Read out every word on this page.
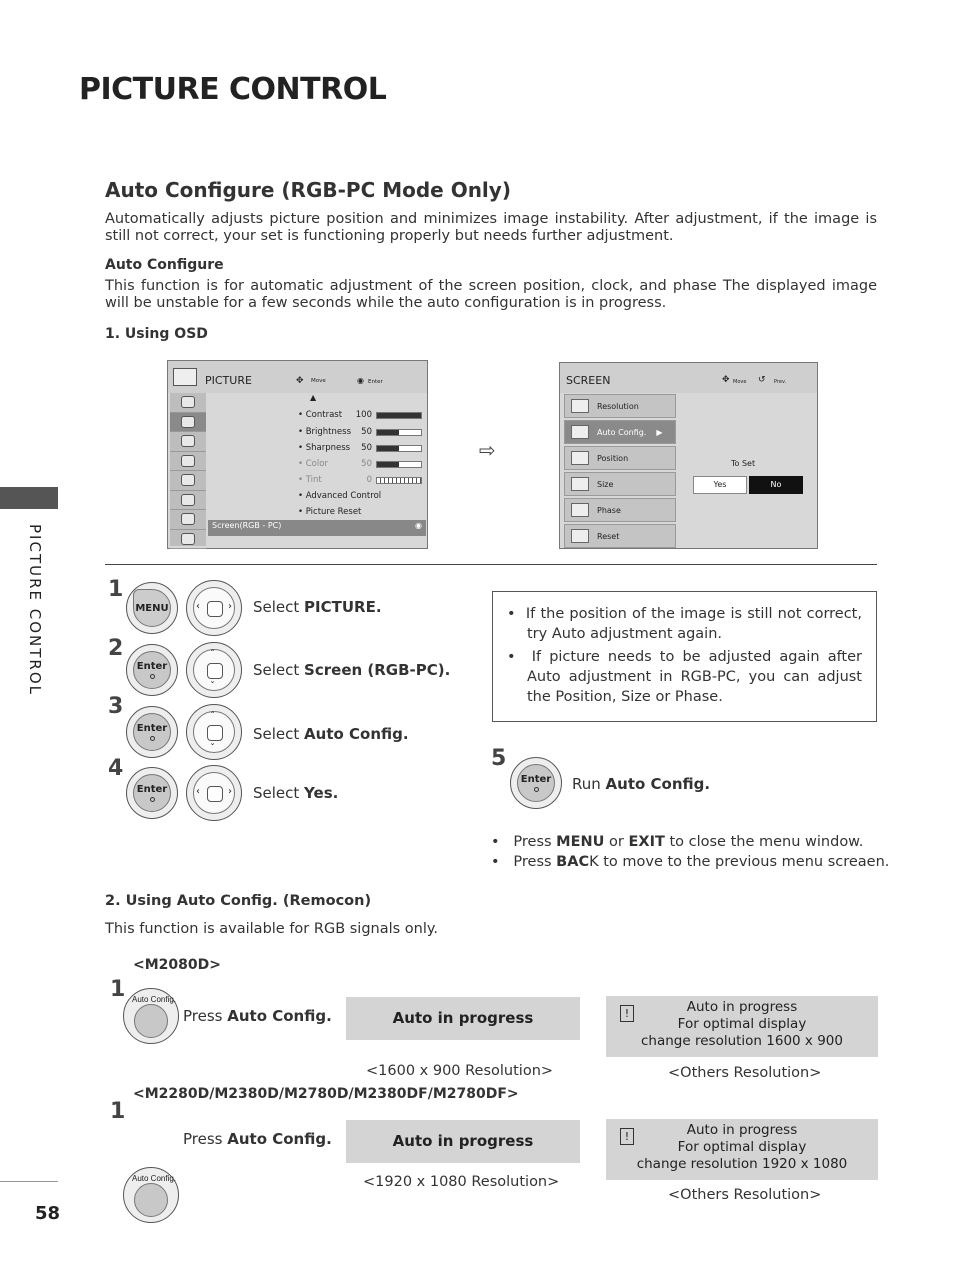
PICTURE CONTROL
PICTURE CONTROL
58
Auto Configure (RGB-PC Mode Only)
Automatically adjusts picture position and minimizes image instability. After adjustment, if the image is still not correct, your set is functioning properly but needs further adjustment.
Auto Configure
This function is for automatic adjustment of the screen position, clock, and phase The displayed image will be unstable for a few seconds while the auto configuration is in progress.
1. Using OSD
PICTURE	✥ Move	◉ Enter
▲
• Contrast	100
• Brightness	50
• Sharpness	50
• Color	50
• Tint	0
• Advanced Control
• Picture Reset
Screen(RGB - PC)	◉
⇨
SCREEN	✥ Move ↺ Prev.
Resolution
Auto Config. ▶
Position
Size
Phase
Reset
To Set
Yes	No
1
MENU	‹	› Select PICTURE.
2
Enter
ˆ
ˇ
Select Screen (RGB-PC).
3
Enter
ˆ
ˇ
Select Auto Config.
4
Enter	‹	› Select Yes.
•  If the position of the image is still not correct, try Auto adjustment again.
•  If picture needs to be adjusted again after Auto adjustment in RGB-PC, you can adjust the Position, Size or Phase.
5
Enter Run Auto Config.
•   Press MENU or EXIT to close the menu window.
•   Press BACK to move to the previous menu screaen.
2. Using Auto Config. (Remocon)
This function is available for RGB signals only.
<M2080D>
1 Auto Config.
Press Auto Config.	Auto in progress
<1600 x 900 Resolution>
!	Auto in progress
For optimal display
change resolution 1600 x 900
<Others Resolution>
<M2280D/M2380D/M2780D/M2380DF/M2780DF>
1
Auto Config.
Press Auto Config.	Auto in progress
<1920 x 1080 Resolution>
!	Auto in progress
For optimal display
change resolution 1920 x 1080
<Others Resolution>
